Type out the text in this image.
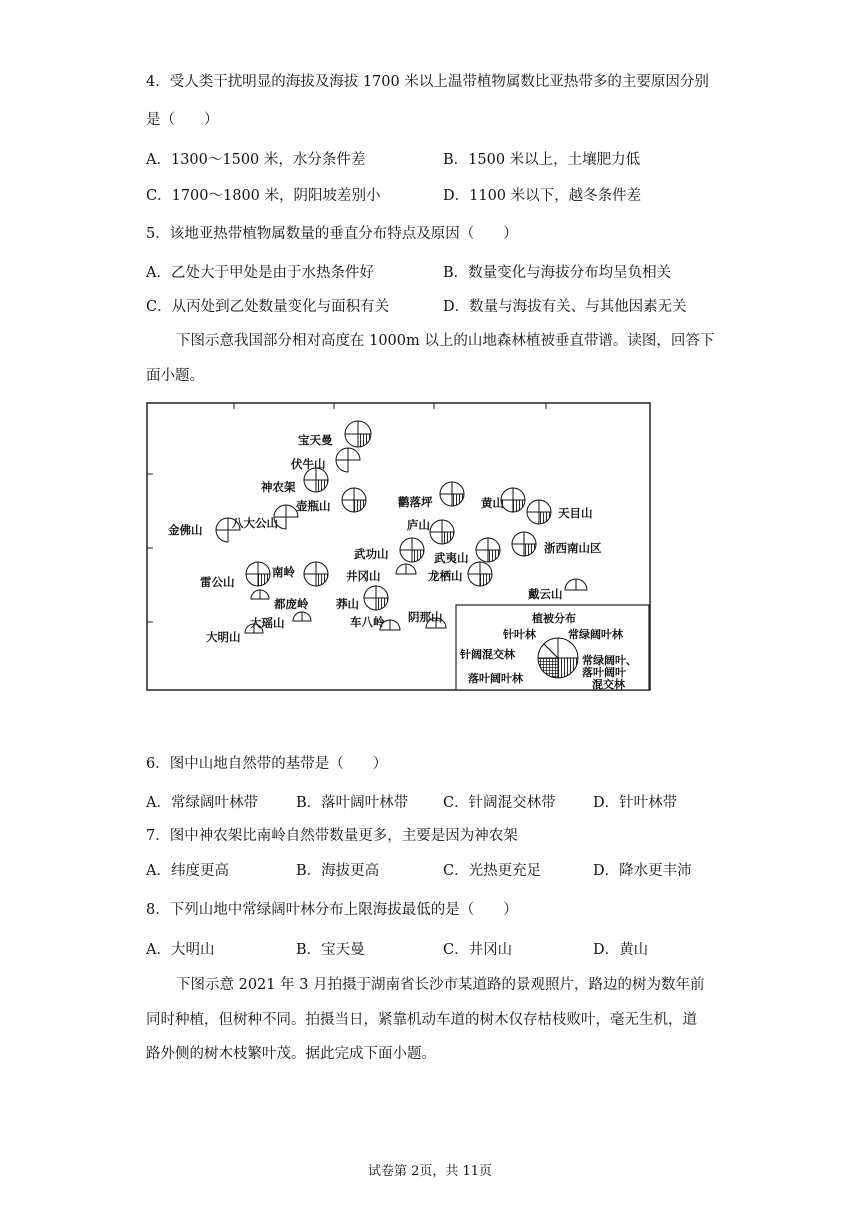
4．受人类干扰明显的海拔及海拔 1700 米以上温带植物属数比亚热带多的主要原因分别
是（　　）
A．1300～1500 米，水分条件差	B．1500 米以上，土壤肥力低
C．1700～1800 米，阴阳坡差别小	D．1100 米以下，越冬条件差
5．该地亚热带植物属数量的垂直分布特点及原因（　　）
A．乙处大于甲处是由于水热条件好	B．数量变化与海拔分布均呈负相关
C．从丙处到乙处数量变化与面积有关	D．数量与海拔有关、与其他因素无关
下图示意我国部分相对高度在 1000m 以上的山地森林植被垂直带谱。读图，回答下
面小题。
宝天曼
伏牛山
神农架
壶瓶山
八大公山
金佛山
鹳落坪	黄山
天目山
庐山
武功山	武夷山
浙西南山区
雷公山
南岭	井冈山	龙栖山
戴云山
都庞岭 莽山
大瑶山	车八岭 阴那山
大明山
植被分布
针叶林	常绿阔叶林
针阔混交林
落叶阔叶林
常绿阔叶、
落叶阔叶
混交林
6．图中山地自然带的基带是（　　）
A．常绿阔叶林带	B．落叶阔叶林带 C．针阔混交林带	D．针叶林带
7．图中神农架比南岭自然带数量更多，主要是因为神农架
A．纬度更高	B．海拔更高	C．光热更充足	D．降水更丰沛
8．下列山地中常绿阔叶林分布上限海拔最低的是（　　）
A．大明山	B．宝天曼	C．井冈山	D．黄山
下图示意 2021 年 3 月拍摄于湖南省长沙市某道路的景观照片，路边的树为数年前
同时种植，但树种不同。拍摄当日，紧靠机动车道的树木仅存枯枝败叶，毫无生机，道
路外侧的树木枝繁叶茂。据此完成下面小题。
试卷第 2页，共 11页
